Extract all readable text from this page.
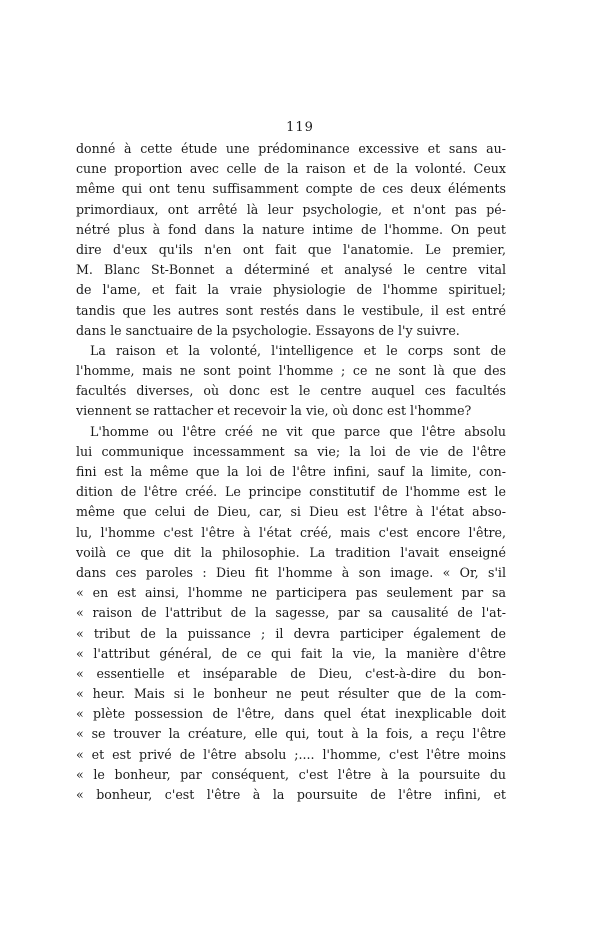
119
donné à cette étude une prédominance excessive et sans au-
cune proportion avec celle de la raison et de la volonté. Ceux
même qui ont tenu suffisamment compte de ces deux éléments
primordiaux, ont arrêté là leur psychologie, et n'ont pas pé-
nétré plus à fond dans la nature intime de l'homme. On peut
dire d'eux qu'ils n'en ont fait que l'anatomie. Le premier,
M. Blanc St-Bonnet a déterminé et analysé le centre vital
de l'ame, et fait la vraie physiologie de l'homme spirituel;
tandis que les autres sont restés dans le vestibule, il est entré
dans le sanctuaire de la psychologie. Essayons de l'y suivre.
La raison et la volonté, l'intelligence et le corps sont de
l'homme, mais ne sont point l'homme ; ce ne sont là que des
facultés diverses, où donc est le centre auquel ces facultés
viennent se rattacher et recevoir la vie, où donc est l'homme?
L'homme ou l'être créé ne vit que parce que l'être absolu
lui communique incessamment sa vie; la loi de vie de l'être
fini est la même que la loi de l'être infini, sauf la limite, con-
dition de l'être créé. Le principe constitutif de l'homme est le
même que celui de Dieu, car, si Dieu est l'être à l'état abso-
lu, l'homme c'est l'être à l'état créé, mais c'est encore l'être,
voilà ce que dit la philosophie. La tradition l'avait enseigné
dans ces paroles : Dieu fit l'homme à son image. « Or, s'il
« en est ainsi, l'homme ne participera pas seulement par sa
« raison de l'attribut de la sagesse, par sa causalité de l'at-
« tribut de la puissance ; il devra participer également de
« l'attribut général, de ce qui fait la vie, la manière d'être
« essentielle et inséparable de Dieu, c'est-à-dire du bon-
« heur. Mais si le bonheur ne peut résulter que de la com-
« plète possession de l'être, dans quel état inexplicable doit
« se trouver la créature, elle qui, tout à la fois, a reçu l'être
« et est privé de l'être absolu ;.... l'homme, c'est l'être moins
« le bonheur, par conséquent, c'est l'être à la poursuite du
« bonheur, c'est l'être à la poursuite de l'être infini, et
